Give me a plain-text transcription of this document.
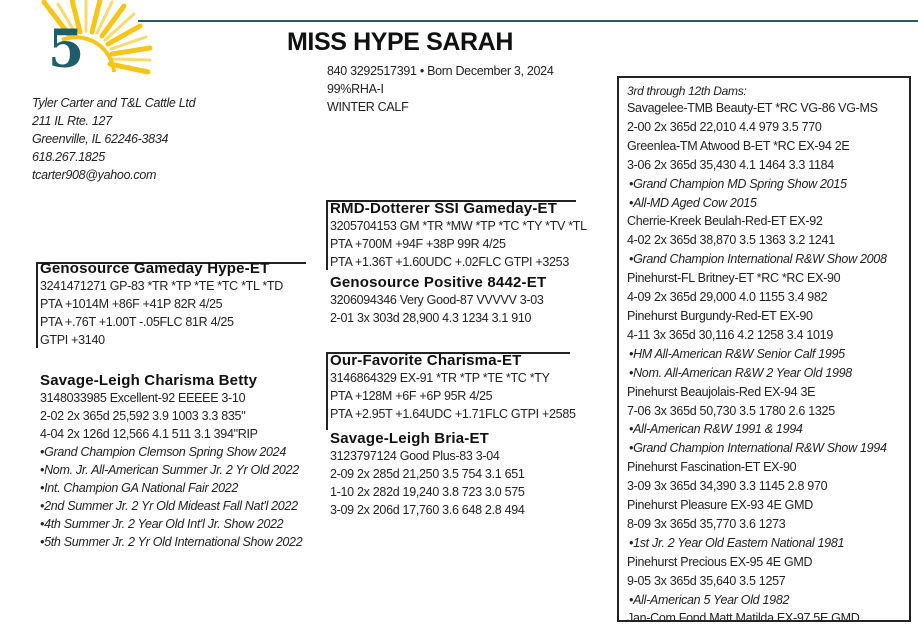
5	MISS HYPE SARAH
840 3292517391 • Born December 3, 2024
99%RHA-I
WINTER CALF
Tyler Carter and T&L Cattle Ltd
211 IL Rte. 127
Greenville, IL 62246-3834
618.267.1825
tcarter908@yahoo.com
Genosource Gameday Hype-ET
3241471271 GP-83 *TR *TP *TE *TC *TL *TD
PTA +1014M +86F +41P 82R 4/25
PTA +.76T +1.00T -.05FLC 81R 4/25
GTPI +3140
RMD-Dotterer SSI Gameday-ET
3205704153 GM *TR *MW *TP *TC *TY *TV *TL
PTA +700M +94F +38P 99R 4/25
PTA +1.36T +1.60UDC +.02FLC GTPI +3253
Genosource Positive 8442-ET
3206094346 Very Good-87 VVVVV 3-03
2-01 3x 303d 28,900 4.3 1234 3.1 910
Savage-Leigh Charisma Betty
3148033985 Excellent-92 EEEEE 3-10
2-02 2x 365d 25,592 3.9 1003 3.3 835"
4-04 2x 126d 12,566 4.1 511 3.1 394"RIP
•Grand Champion Clemson Spring Show 2024
•Nom. Jr. All-American Summer Jr. 2 Yr Old 2022
•Int. Champion GA National Fair 2022
•2nd Summer Jr. 2 Yr Old Mideast Fall Nat'l 2022
•4th Summer Jr. 2 Year Old Int'l Jr. Show 2022
•5th Summer Jr. 2 Yr Old International Show 2022
Our-Favorite Charisma-ET
3146864329 EX-91 *TR *TP *TE *TC *TY
PTA +128M +6F +6P 95R 4/25
PTA +2.95T +1.64UDC +1.71FLC GTPI +2585
Savage-Leigh Bria-ET
3123797124 Good Plus-83 3-04
2-09 2x 285d 21,250 3.5 754 3.1 651
1-10 2x 282d 19,240 3.8 723 3.0 575
3-09 2x 206d 17,760 3.6 648 2.8 494
3rd through 12th Dams:
Savagelee-TMB Beauty-ET *RC VG-86 VG-MS
2-00 2x 365d 22,010 4.4 979 3.5 770
Greenlea-TM Atwood B-ET *RC EX-94 2E
3-06 2x 365d 35,430 4.1 1464 3.3 1184
•Grand Champion MD Spring Show 2015
•All-MD Aged Cow 2015
Cherrie-Kreek Beulah-Red-ET EX-92
4-02 2x 365d 38,870 3.5 1363 3.2 1241
•Grand Champion International R&W Show 2008
Pinehurst-FL Britney-ET *RC *RC EX-90
4-09 2x 365d 29,000 4.0 1155 3.4 982
Pinehurst Burgundy-Red-ET EX-90
4-11 3x 365d 30,116 4.2 1258 3.4 1019
•HM All-American R&W Senior Calf 1995
•Nom. All-American R&W 2 Year Old 1998
Pinehurst Beaujolais-Red EX-94 3E
7-06 3x 365d 50,730 3.5 1780 2.6 1325
•All-American R&W 1991 & 1994
•Grand Champion International R&W Show 1994
Pinehurst Fascination-ET EX-90
3-09 3x 365d 34,390 3.3 1145 2.8 970
Pinehurst Pleasure EX-93 4E GMD
8-09 3x 365d 35,770 3.6 1273
•1st Jr. 2 Year Old Eastern National 1981
Pinehurst Precious EX-95 4E GMD
9-05 3x 365d 35,640 3.5 1257
•All-American 5 Year Old 1982
Jan-Com Fond Matt Matilda EX-97 5E GMD
